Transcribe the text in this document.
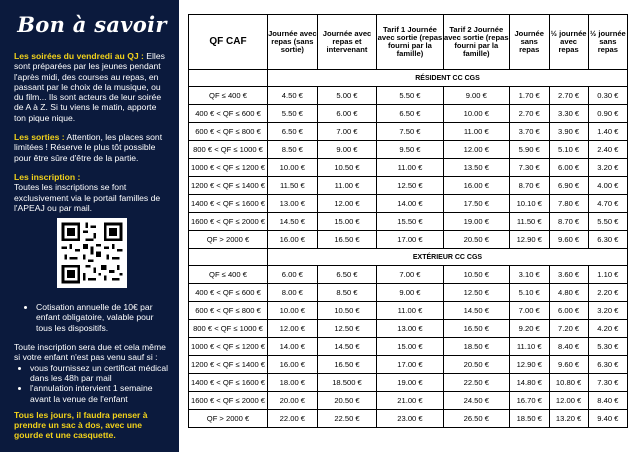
Bon à savoir

Les soirées du vendredi au QJ : Elles sont préparées par les jeunes pendant l'après midi, des courses au repas, en passant par le choix de la musique, ou du film... Ils sont acteurs de leur soirée de A à Z. Si tu viens le matin, apporte ton pique nique.

Les sorties : Attention, les places sont limitées ! Réserve le plus tôt possible pour être sûre d'être de la partie.

Les inscription :
Toutes les inscriptions se font exclusivement via le portail familles de l'APEAJ ou par mail.

• Cotisation annuelle de 10€ par enfant obligatoire, valable pour tous les dispositifs.

Toute inscription sera due et cela même si votre enfant n'est pas venu sauf si :

• vous fournissez un certificat médical dans les 48h par mail
• l'annulation intervient 1 semaine avant la venue de l'enfant

Tous les jours, il faudra penser à prendre un sac à dos, avec une gourde et une casquette.

QF CAF	Journée avec repas (sans sortie)	Journée avec repas et intervenant	Tarif 1 Journée avec sortie (repas fourni par la famille)	Tarif 2 Journée avec sortie (repas fourni par la famille)	Journée sans repas	½ journée avec repas	½ journée sans repas
	RÉSIDENT CC CGS						
QF ≤ 400 €	4.50 €	5.00 €	5.50 €	9.00 €	1.70 €	2.70 €	0.30 €
400 € < QF ≤ 600 €	5.50 €	6.00 €	6.50 €	10.00 €	2.70 €	3.30 €	0.90 €
600 € < QF ≤ 800 €	6.50 €	7.00 €	7.50 €	11.00 €	3.70 €	3.90 €	1.40 €
800 € < QF ≤ 1000 €	8.50 €	9.00 €	9.50 €	12.00 €	5.90 €	5.10 €	2.40 €
1000 € < QF ≤ 1200 €	10.00 €	10.50 €	11.00 €	13.50 €	7.30 €	6.00 €	3.20 €
1200 € < QF ≤ 1400 €	11.50 €	11.00 €	12.50 €	16.00 €	8.70 €	6.90 €	4.00 €
1400 € < QF ≤ 1600 €	13.00 €	12.00 €	14.00 €	17.50 €	10.10 €	7.80 €	4.70 €
1600 € < QF ≤ 2000 €	14.50 €	15.00 €	15.50 €	19.00 €	11.50 €	8.70 €	5.50 €
QF > 2000 €	16.00 €	16.50 €	17.00 €	20.50 €	12.90 €	9.60 €	6.30 €
	EXTÉRIEUR CC CGS						
QF ≤ 400 €	6.00 €	6.50 €	7.00 €	10.50 €	3.10 €	3.60 €	1.10 €
400 € < QF ≤ 600 €	8.00 €	8.50 €	9.00 €	12.50 €	5.10 €	4.80 €	2.20 €
600 € < QF ≤ 800 €	10.00 €	10.50 €	11.00 €	14.50 €	7.00 €	6.00 €	3.20 €
800 € < QF ≤ 1000 €	12.00 €	12.50 €	13.00 €	16.50 €	9.20 €	7.20 €	4.20 €
1000 € < QF ≤ 1200 €	14.00 €	14.50 €	15.00 €	18.50 €	11.10 €	8.40 €	5.30 €
1200 € < QF ≤ 1400 €	16.00 €	16.50 €	17.00 €	20.50 €	12.90 €	9.60 €	6.30 €
1400 € < QF ≤ 1600 €	18.00 €	18.500 €	19.00 €	22.50 €	14.80 €	10.80 €	7.30 €
1600 € < QF ≤ 2000 €	20.00 €	20.50 €	21.00 €	24.50 €	16.70 €	12.00 €	8.40 €
QF > 2000 €	22.00 €	22.50 €	23.00 €	26.50 €	18.50 €	13.20 €	9.40 €
